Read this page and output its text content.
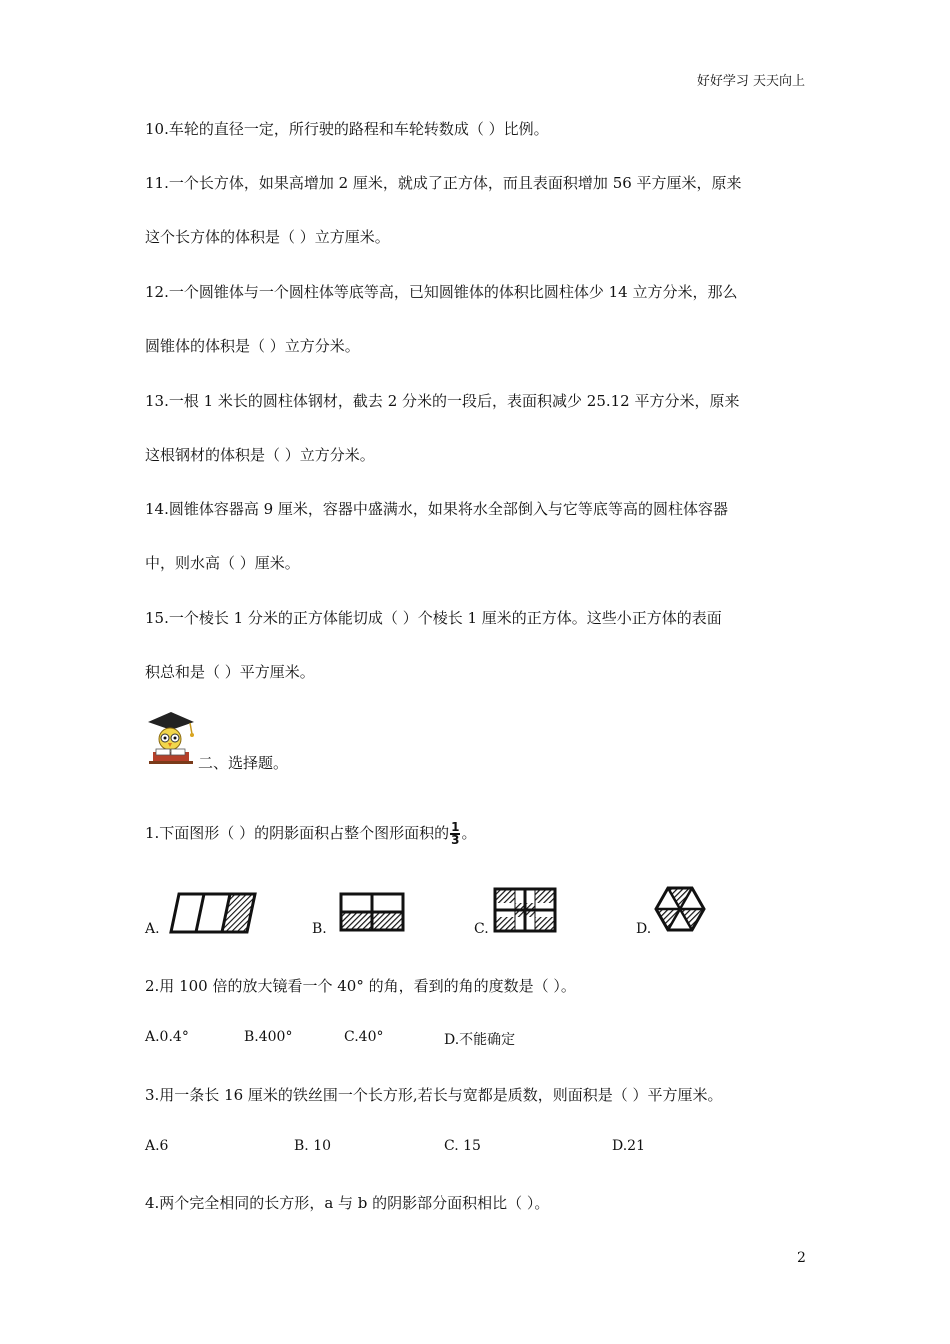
好好学习 天天向上
10.车轮的直径一定，所行驶的路程和车轮转数成（ ）比例。
11.一个长方体，如果高增加 2 厘米，就成了正方体，而且表面积增加 56 平方厘米，原来
这个长方体的体积是（ ）立方厘米。
12.一个圆锥体与一个圆柱体等底等高，已知圆锥体的体积比圆柱体少 14 立方分米，那么
圆锥体的体积是（ ）立方分米。
13.一根 1 米长的圆柱体钢材，截去 2 分米的一段后，表面积减少 25.12 平方分米，原来
这根钢材的体积是（ ）立方分米。
14.圆锥体容器高 9 厘米，容器中盛满水，如果将水全部倒入与它等底等高的圆柱体容器
中，则水高（ ）厘米。
15.一个棱长 1 分米的正方体能切成（ ）个棱长 1 厘米的正方体。这些小正方体的表面
积总和是（ ）平方厘米。
二、选择题。
1.下面图形（ ）的阴影面积占整个图形面积的 $\frac{1}{3}$ 。
A.	B.	C.	D.
2.用 100 倍的放大镜看一个 40° 的角，看到的角的度数是（ ）。
A.0.4°	B.400°	C.40°	D.不能确定
3.用一条长 16 厘米的铁丝围一个长方形,若长与宽都是质数，则面积是（ ）平方厘米。
A.6	B. 10	C. 15	D.21
4.两个完全相同的长方形，a 与 b 的阴影部分面积相比（ ）。
2
